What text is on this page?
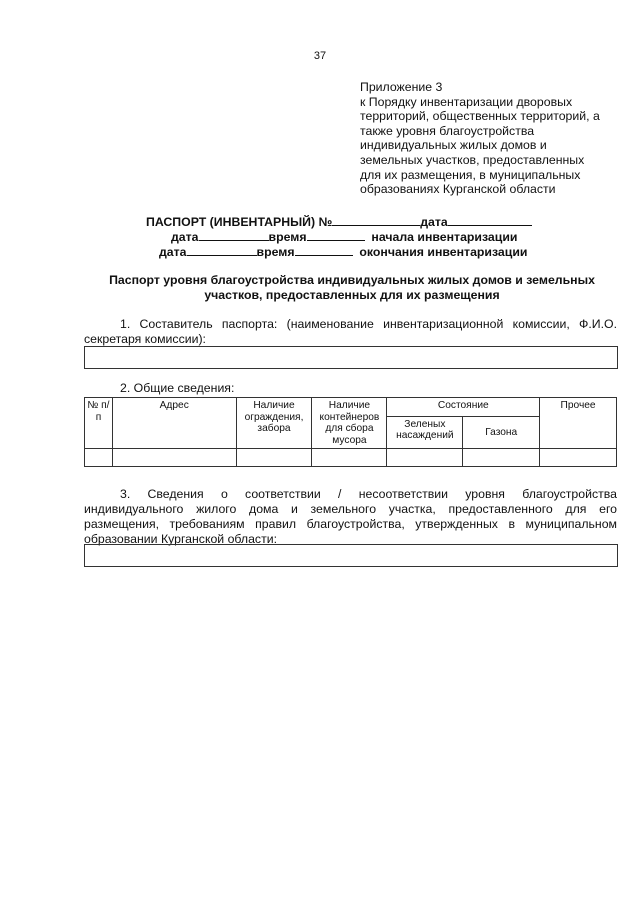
37
Приложение 3
к Порядку инвентаризации дворовых
территорий, общественных территорий, а
также уровня благоустройства
индивидуальных жилых домов и
земельных участков, предоставленных
для их размещения, в муниципальных
образованиях Курганской области
ПАСПОРТ (ИНВЕНТАРНЫЙ) №	дата
дата	время	начала инвентаризации
дата	время	окончания инвентаризации
Паспорт уровня благоустройства индивидуальных жилых домов и земельных участков, предоставленных для их размещения
1. Составитель паспорта: (наименование инвентаризационной комиссии, Ф.И.О. секретаря комиссии):
2. Общие сведения:
№ п/п	Адрес	Наличие ограждения, забора	Наличие контейнеров для сбора мусора	Состояние		Прочее
				Зеленых насаждений	Газона	

3. Сведения о соответствии / несоответствии уровня благоустройства индивидуального жилого дома и земельного участка, предоставленного для его размещения, требованиям правил благоустройства, утвержденных в муниципальном образовании Курганской области:
